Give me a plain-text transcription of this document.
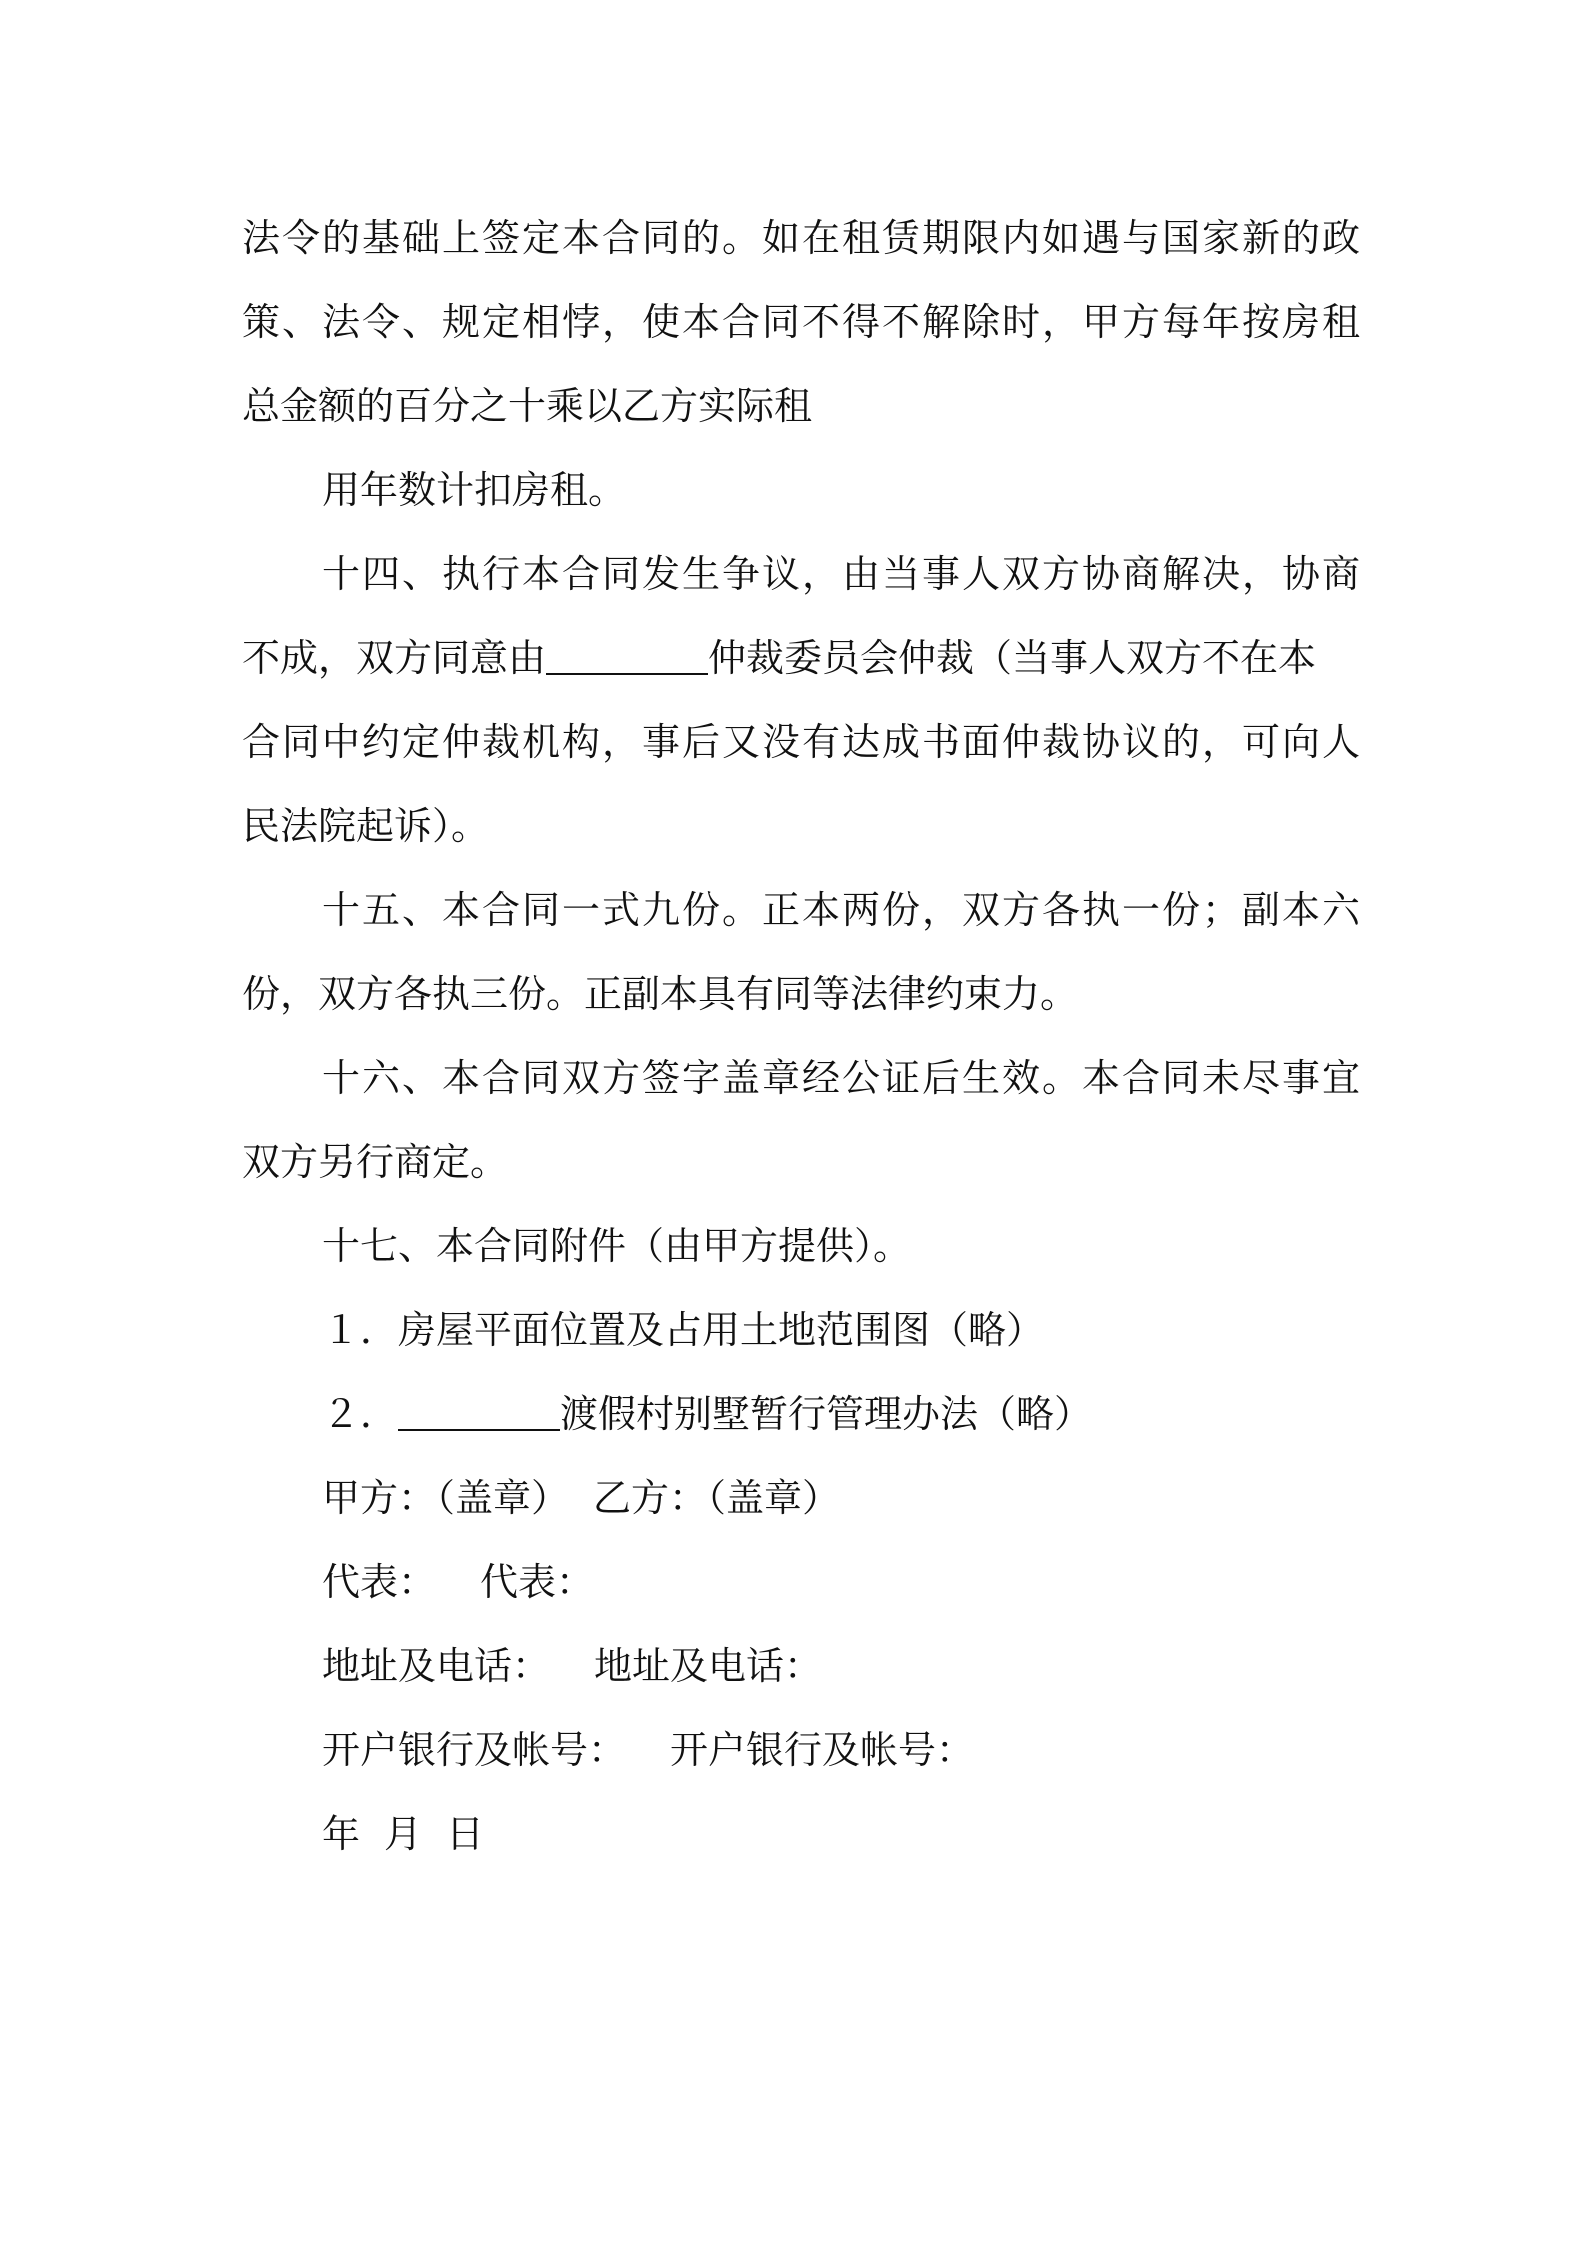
法令的基础上签定本合同的。如在租赁期限内如遇与国家新的政

策、法令、规定相悖，使本合同不得不解除时，甲方每年按房租

总金额的百分之十乘以乙方实际租

用年数计扣房租。

十四、执行本合同发生争议，由当事人双方协商解决，协商

不成，双方同意由	仲裁委员会仲裁（当事人双方不在本

合同中约定仲裁机构，事后又没有达成书面仲裁协议的，可向人

民法院起诉）。

十五、本合同一式九份。正本两份，双方各执一份；副本六

份，双方各执三份。正副本具有同等法律约束力。

十六、本合同双方签字盖章经公证后生效。本合同未尽事宜

双方另行商定。

十七、本合同附件（由甲方提供）。

１．房屋平面位置及占用土地范围图（略）

２．	渡假村别墅暂行管理办法（略）

甲方：（盖章） 乙方：（盖章）

代表： 代表：

地址及电话： 地址及电话：

开户银行及帐号： 开户银行及帐号：

年 月 日
